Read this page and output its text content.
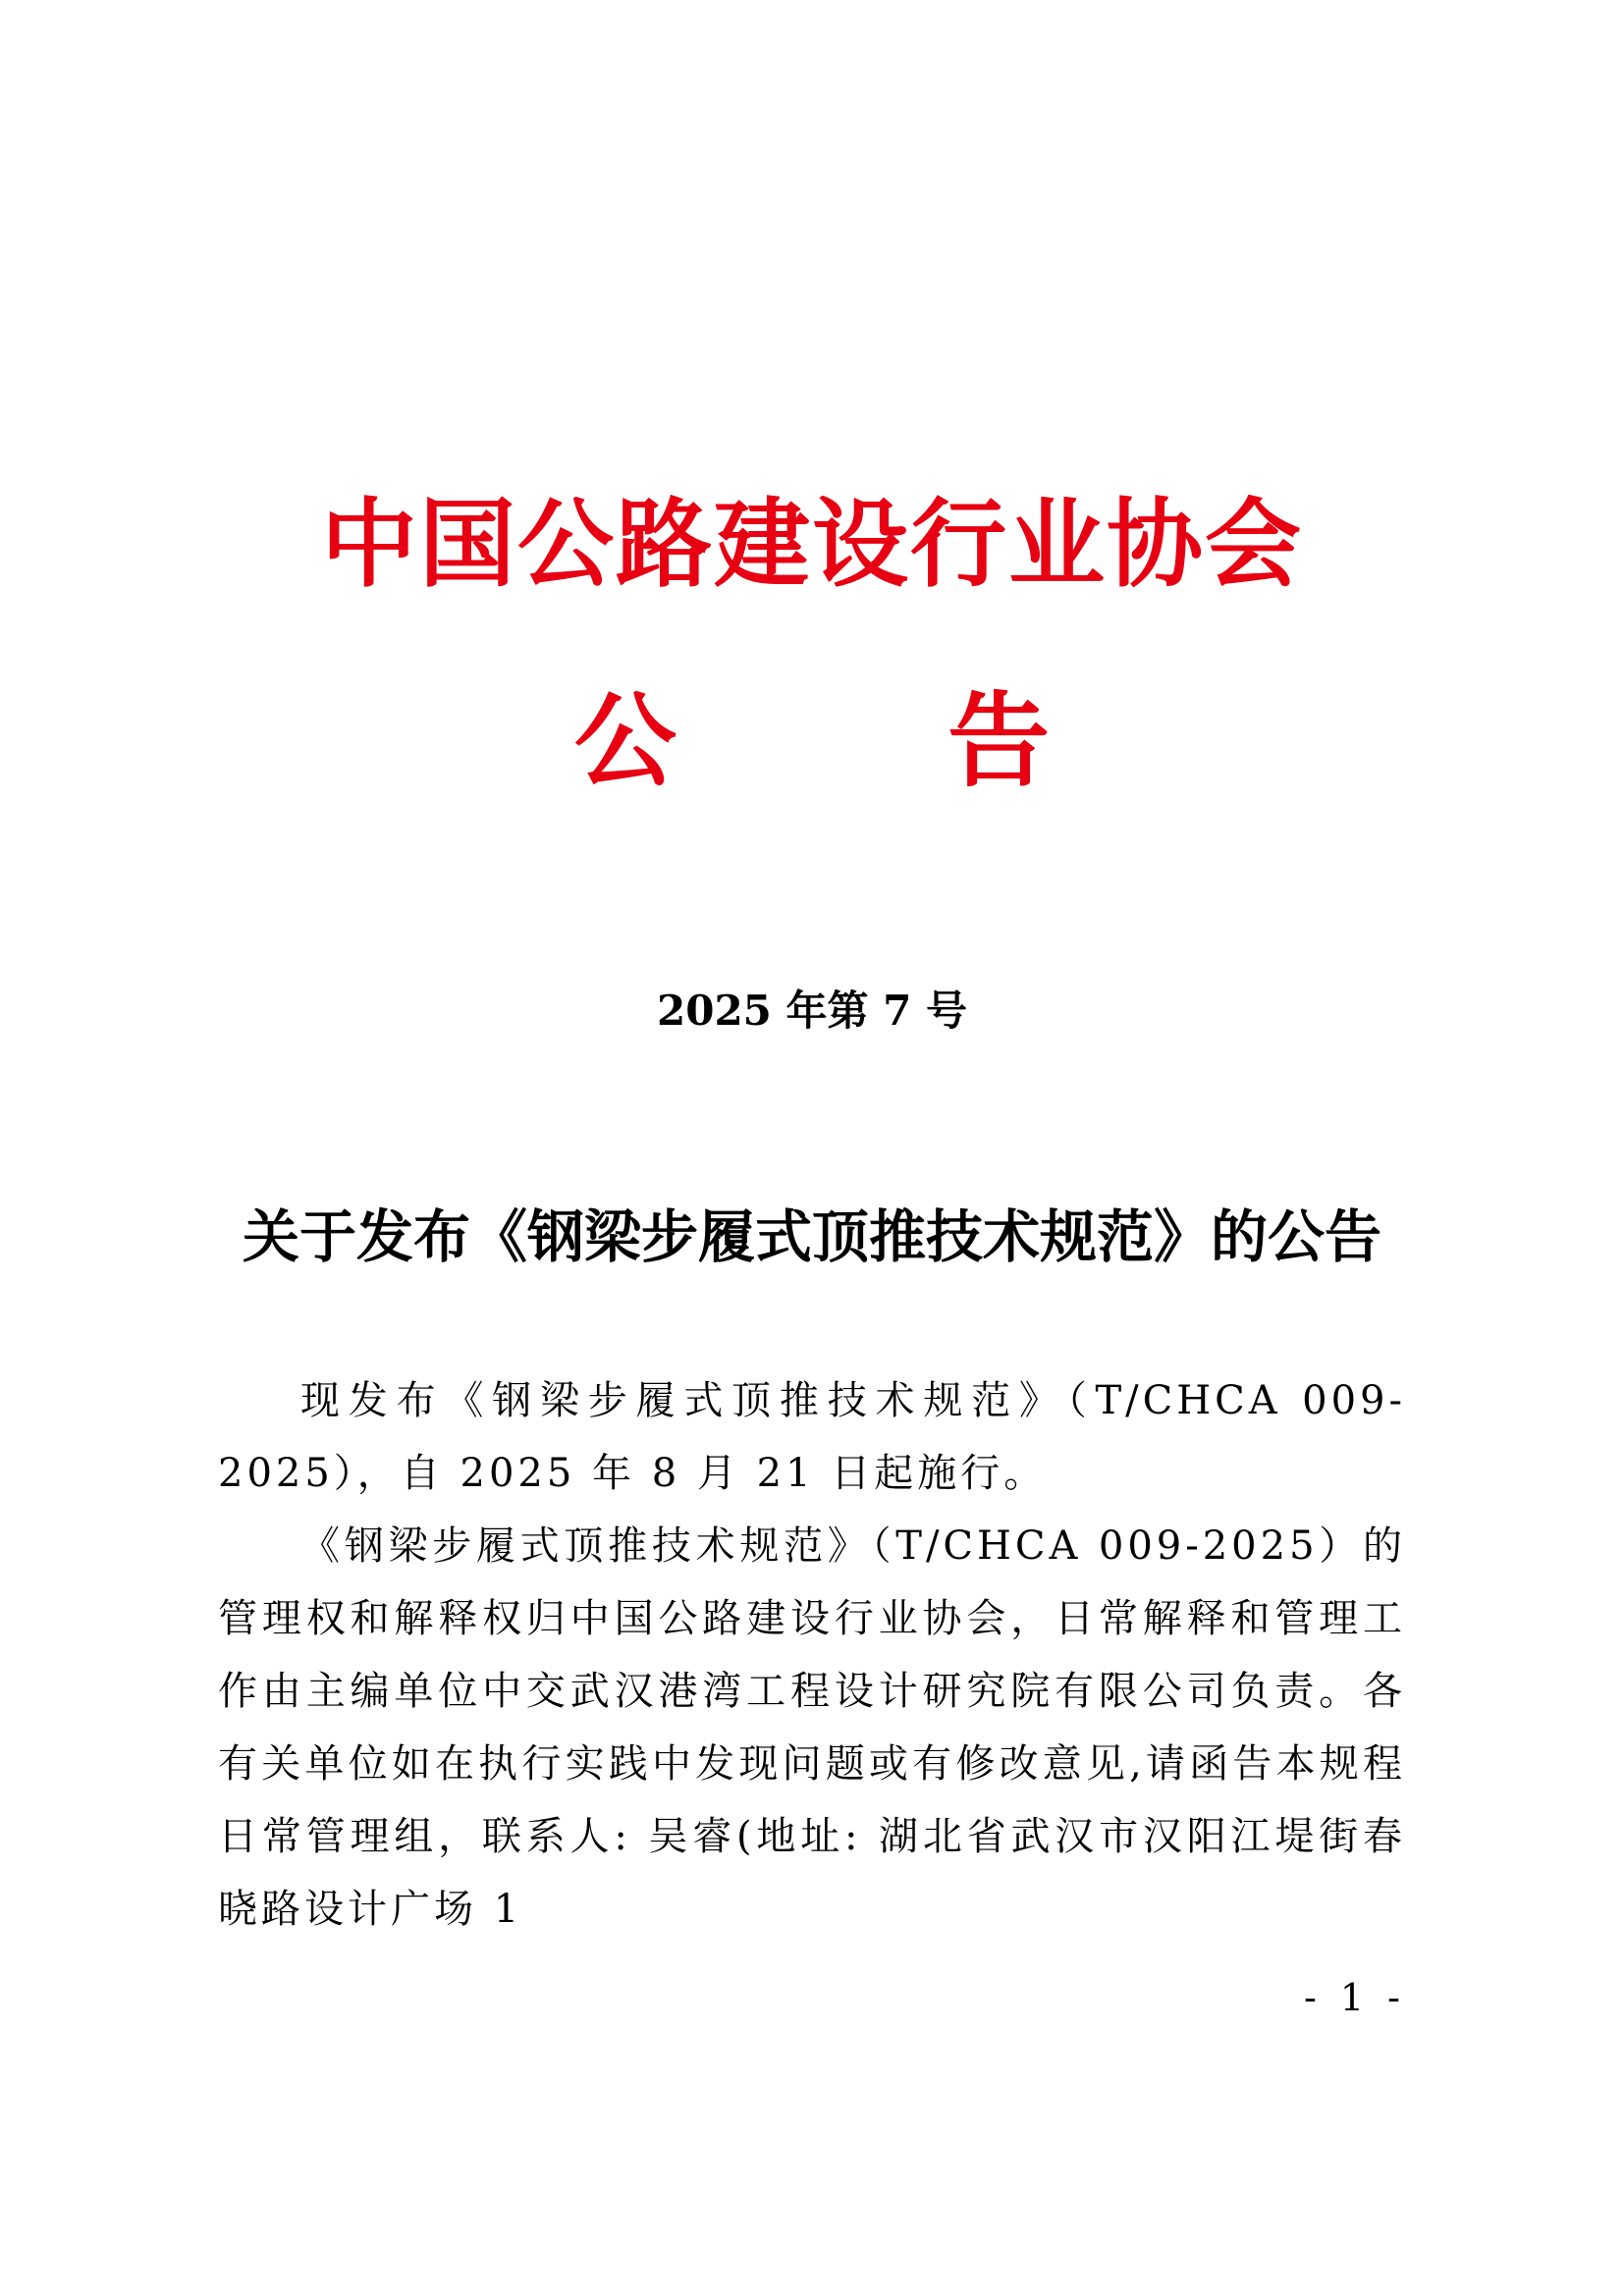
中国公路建设行业协会
公 告
2025 年第 7 号
关于发布《钢梁步履式顶推技术规范》的公告

现发布《钢梁步履式顶推技术规范》（T/CHCA 009-2025），自 2025 年 8 月 21 日起施行。

《钢梁步履式顶推技术规范》（T/CHCA 009-2025）的管理权和解释权归中国公路建设行业协会，日常解释和管理工作由主编单位中交武汉港湾工程设计研究院有限公司负责。各有关单位如在执行实践中发现问题或有修改意见,请函告本规程日常管理组，联系人: 吴睿(地址: 湖北省武汉市汉阳江堤街春晓路设计广场 1

- 1 -
